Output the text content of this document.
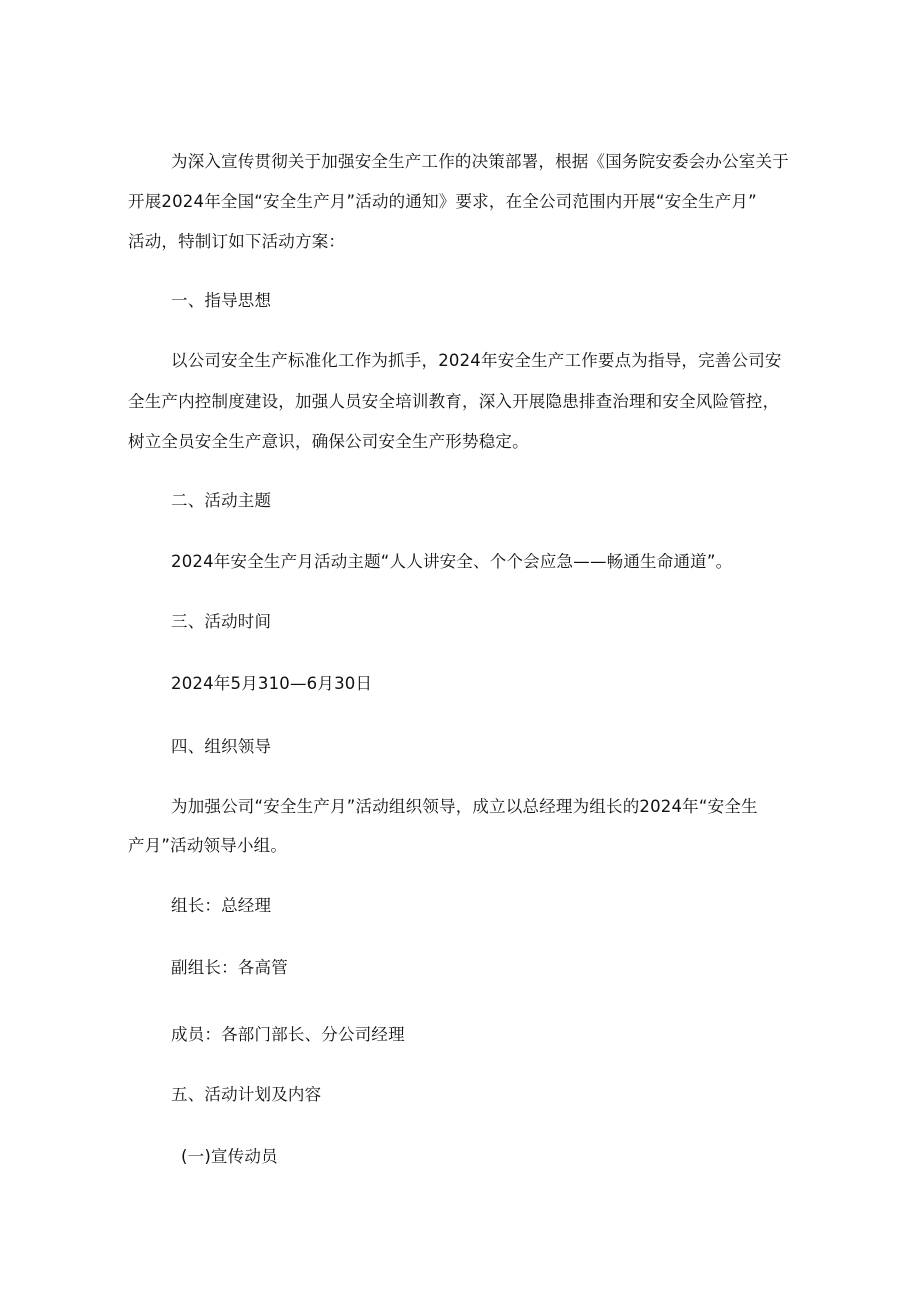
为深入宣传贯彻关于加强安全生产工作的决策部署，根据《国务院安委会办公室关于
开展2024年全国“安全生产月”活动的通知》要求，在全公司范围内开展“安全生产月”
活动，特制订如下活动方案：
一、指导思想
以公司安全生产标准化工作为抓手，2024年安全生产工作要点为指导，完善公司安
全生产内控制度建设，加强人员安全培训教育，深入开展隐患排查治理和安全风险管控，
树立全员安全生产意识，确保公司安全生产形势稳定。
二、活动主题
2024年安全生产月活动主题“人人讲安全、个个会应急——畅通生命通道”。
三、活动时间
2024年5月310—6月30日
四、组织领导
为加强公司“安全生产月”活动组织领导，成立以总经理为组长的2024年“安全生
产月”活动领导小组。
组长：总经理
副组长：各高管
成员：各部门部长、分公司经理
五、活动计划及内容
(一)宣传动员
